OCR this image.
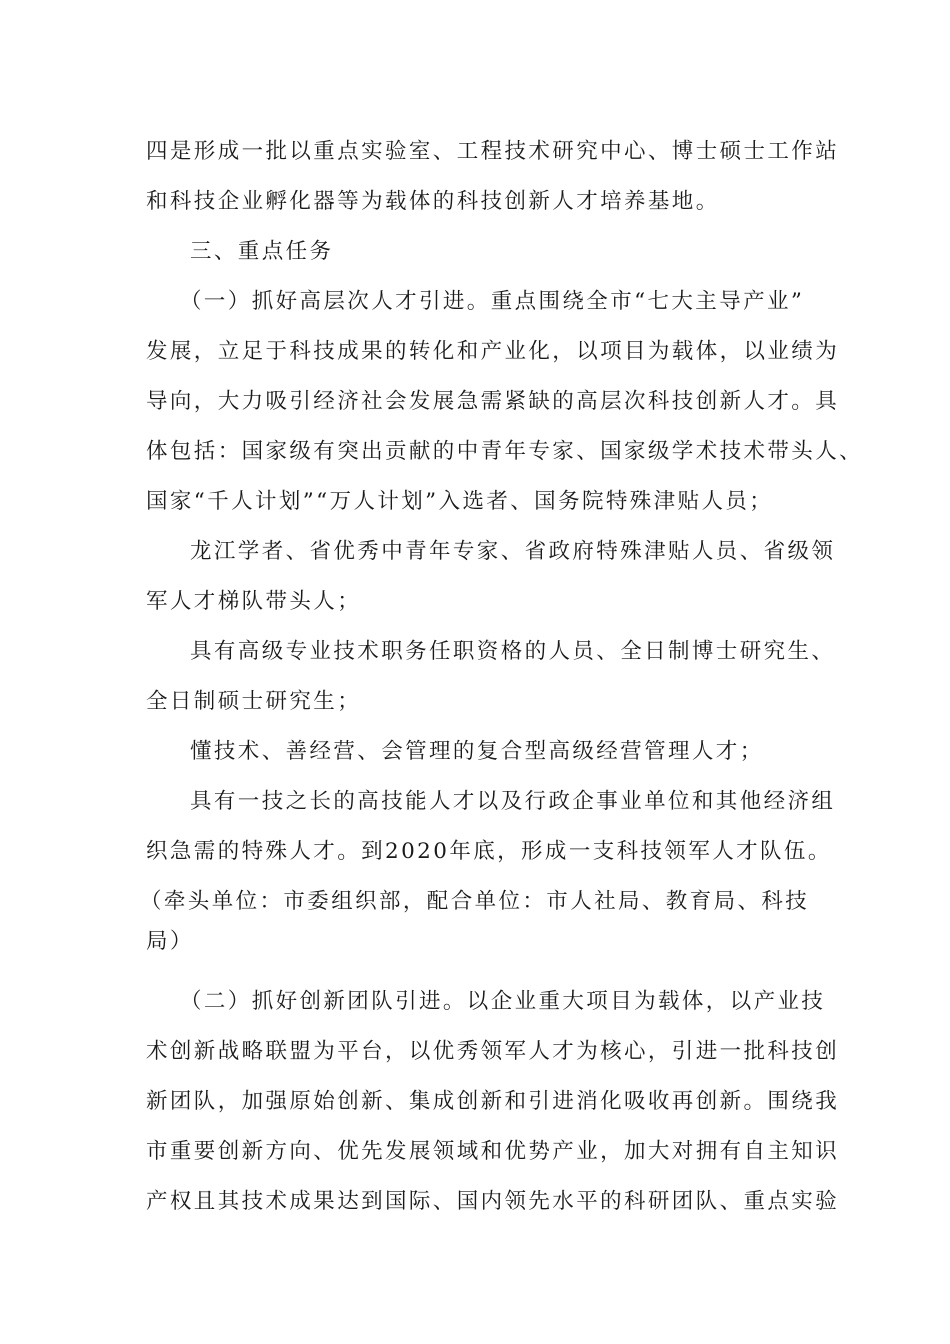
四是形成一批以重点实验室、工程技术研究中心、博士硕士工作站
和科技企业孵化器等为载体的科技创新人才培养基地。
三、重点任务
（一）抓好高层次人才引进。重点围绕全市“七大主导产业”
发展，立足于科技成果的转化和产业化，以项目为载体，以业绩为
导向，大力吸引经济社会发展急需紧缺的高层次科技创新人才。具
体包括：国家级有突出贡献的中青年专家、国家级学术技术带头人、
国家“千人计划”“万人计划”入选者、国务院特殊津贴人员；
龙江学者、省优秀中青年专家、省政府特殊津贴人员、省级领
军人才梯队带头人；
具有高级专业技术职务任职资格的人员、全日制博士研究生、
全日制硕士研究生；
懂技术、善经营、会管理的复合型高级经营管理人才；
具有一技之长的高技能人才以及行政企事业单位和其他经济组
织急需的特殊人才。到2020年底，形成一支科技领军人才队伍。
（牵头单位：市委组织部，配合单位：市人社局、教育局、科技
局）
（二）抓好创新团队引进。以企业重大项目为载体，以产业技
术创新战略联盟为平台，以优秀领军人才为核心，引进一批科技创
新团队，加强原始创新、集成创新和引进消化吸收再创新。围绕我
市重要创新方向、优先发展领域和优势产业，加大对拥有自主知识
产权且其技术成果达到国际、国内领先水平的科研团队、重点实验
